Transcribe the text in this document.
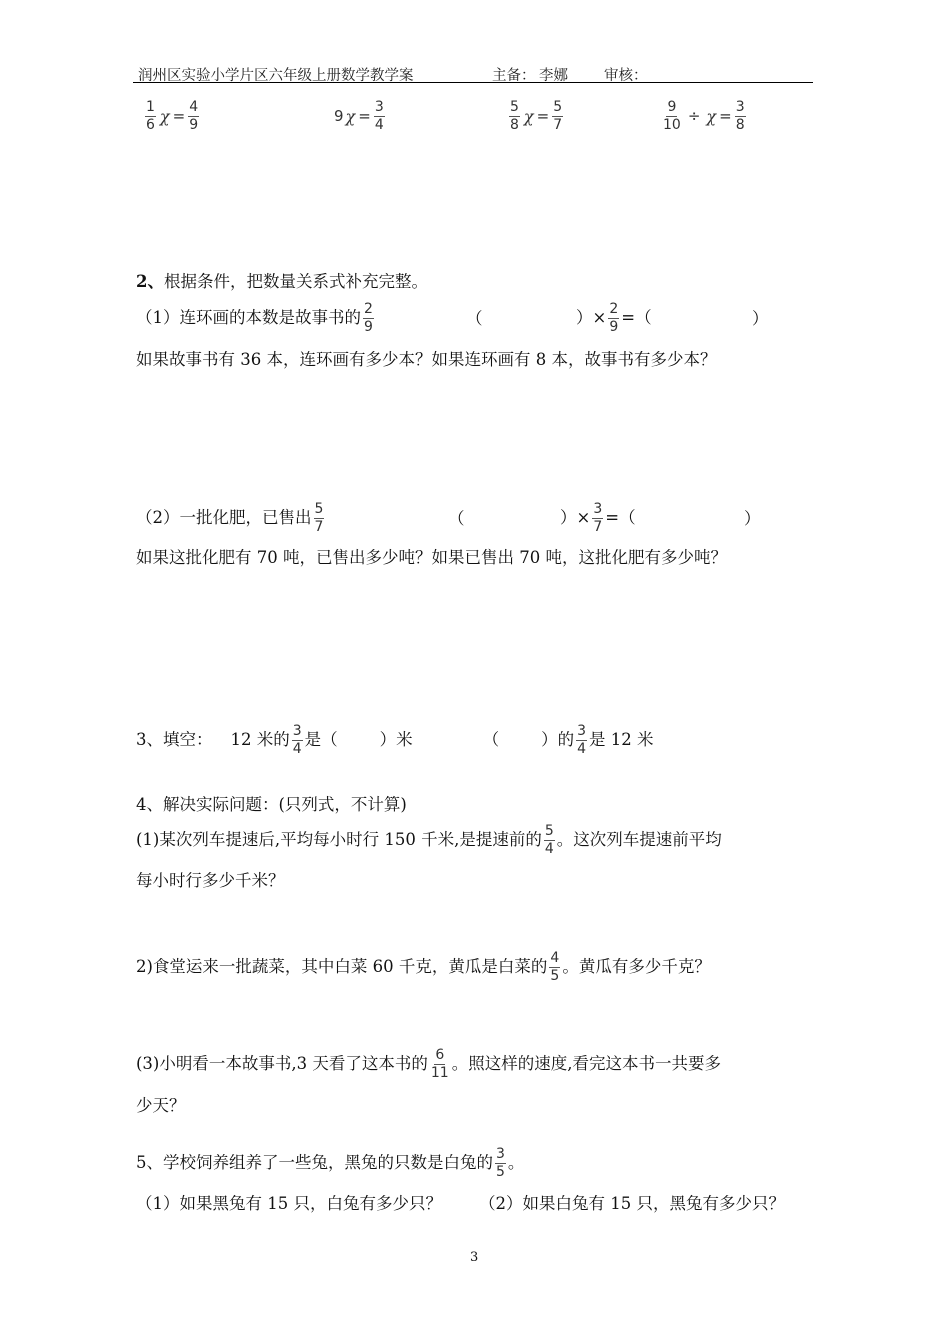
润州区实验小学片区六年级上册数学教学案	主备： 李娜 审核：
$\frac{1}{6}$ $\chi = \frac{4}{9}$	9 $\chi = \frac{3}{4}$	$\frac{5}{8}$ $\chi = \frac{5}{7}$	$\frac{9}{10} \div \chi = \frac{3}{8}$
2、根据条件，把数量关系式补充完整。
（1）连环画的本数是故事书的 $\frac{2}{9}$	（	）× $\frac{2}{9}$ =（	）
如果故事书有 36 本，连环画有多少本？如果连环画有 8 本，故事书有多少本？
（2）一批化肥，已售出 $\frac{5}{7}$	（	）× $\frac{3}{7}$ =（	）
如果这批化肥有 70 吨，已售出多少吨？如果已售出 70 吨，这批化肥有多少吨？
3、填空： 12 米的 $\frac{3}{4}$ 是（        ）米	（        ）的 $\frac{3}{4}$ 是 12 米
4、解决实际问题：(只列式，不计算)
(1)某次列车提速后,平均每小时行 150 千米,是提速前的 $\frac{5}{4}$ 。这次列车提速前平均
每小时行多少千米？
2)食堂运来一批蔬菜，其中白菜 60 千克，黄瓜是白菜的 $\frac{4}{5}$ 。黄瓜有多少千克？
(3)小明看一本故事书,3 天看了这本书的 $\frac{6}{11}$ 。照这样的速度,看完这本书一共要多
少天？
5、学校饲养组养了一些兔，黑兔的只数是白兔的 $\frac{3}{5}$ 。
（1）如果黑兔有 15 只，白兔有多少只？ （2）如果白兔有 15 只，黑兔有多少只？
3
